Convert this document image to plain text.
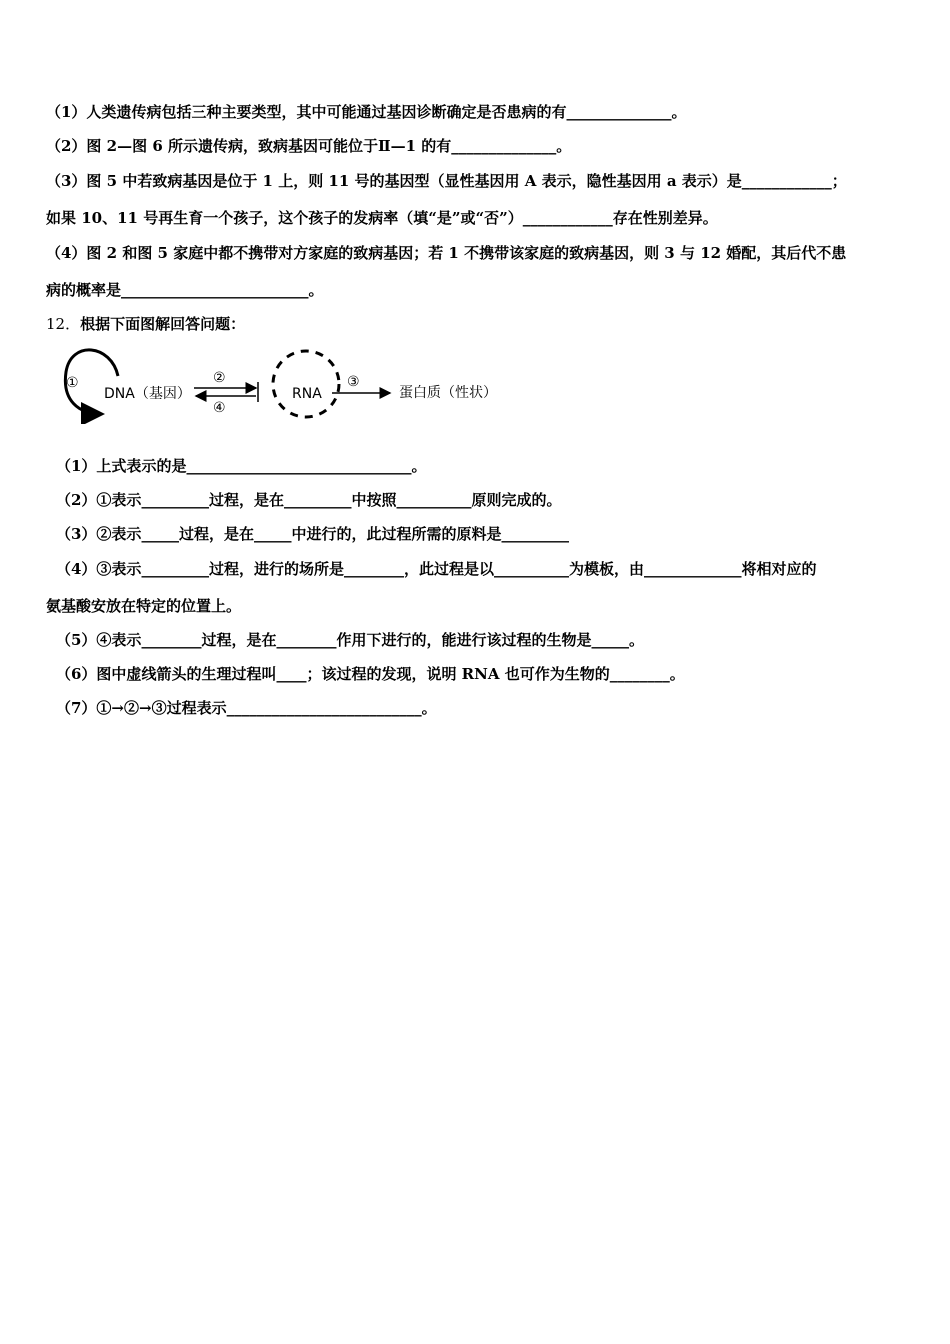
（1）人类遗传病包括三种主要类型，其中可能通过基因诊断确定是否患病的有______________。
（2）图 2—图 6 所示遗传病，致病基因可能位于Ⅱ—1 的有______________。
（3）图 5 中若致病基因是位于 1 上，则 11 号的基因型（显性基因用 A 表示，隐性基因用 a 表示）是____________；
如果 10、11 号再生育一个孩子，这个孩子的发病率（填“是”或“否”）____________存在性别差异。
（4）图 2 和图 5 家庭中都不携带对方家庭的致病基因；若 1 不携带该家庭的致病基因，则 3 与 12 婚配，其后代不患
病的概率是_________________________。
12．根据下面图解回答问题：
①
DNA（基因）
②
④
RNA
③
蛋白质（性状）
（1）上式表示的是______________________________。
（2）①表示_________过程，是在_________中按照__________原则完成的。
（3）②表示_____过程，是在_____中进行的，此过程所需的原料是_________
（4）③表示_________过程，进行的场所是________，此过程是以__________为模板，由_____________将相对应的
氨基酸安放在特定的位置上。
（5）④表示________过程，是在________作用下进行的，能进行该过程的生物是_____。
（6）图中虚线箭头的生理过程叫____；该过程的发现，说明 RNA 也可作为生物的________。
（7）①→②→③过程表示__________________________。
